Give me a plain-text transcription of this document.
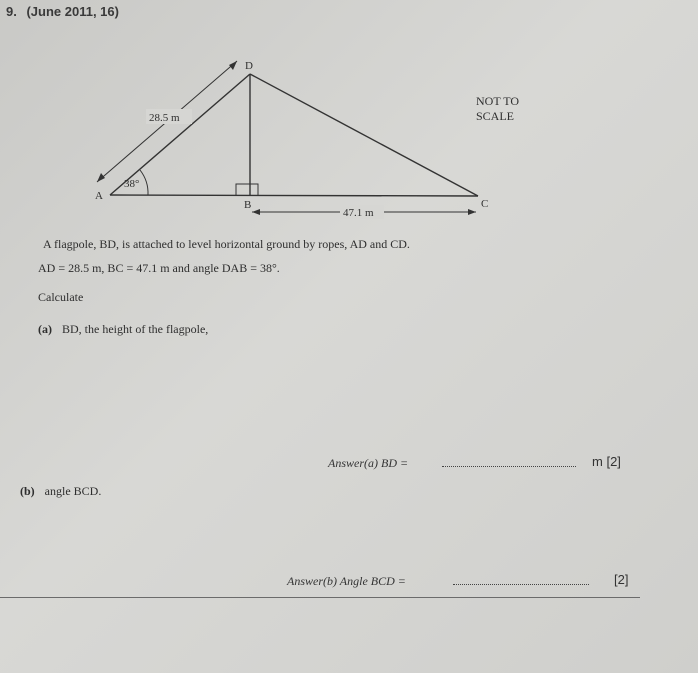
9. (June 2011, 16)
D
A
B	C
28.5 m
38°
47.1 m
NOT TO
SCALE
A flagpole, BD, is attached to level horizontal ground by ropes, AD and CD.
AD = 28.5 m, BC = 47.1 m and angle DAB = 38°.
Calculate
(a) BD, the height of the flagpole,
Answer(a) BD =	m [2]
(b) angle BCD.
Answer(b) Angle BCD =	[2]
